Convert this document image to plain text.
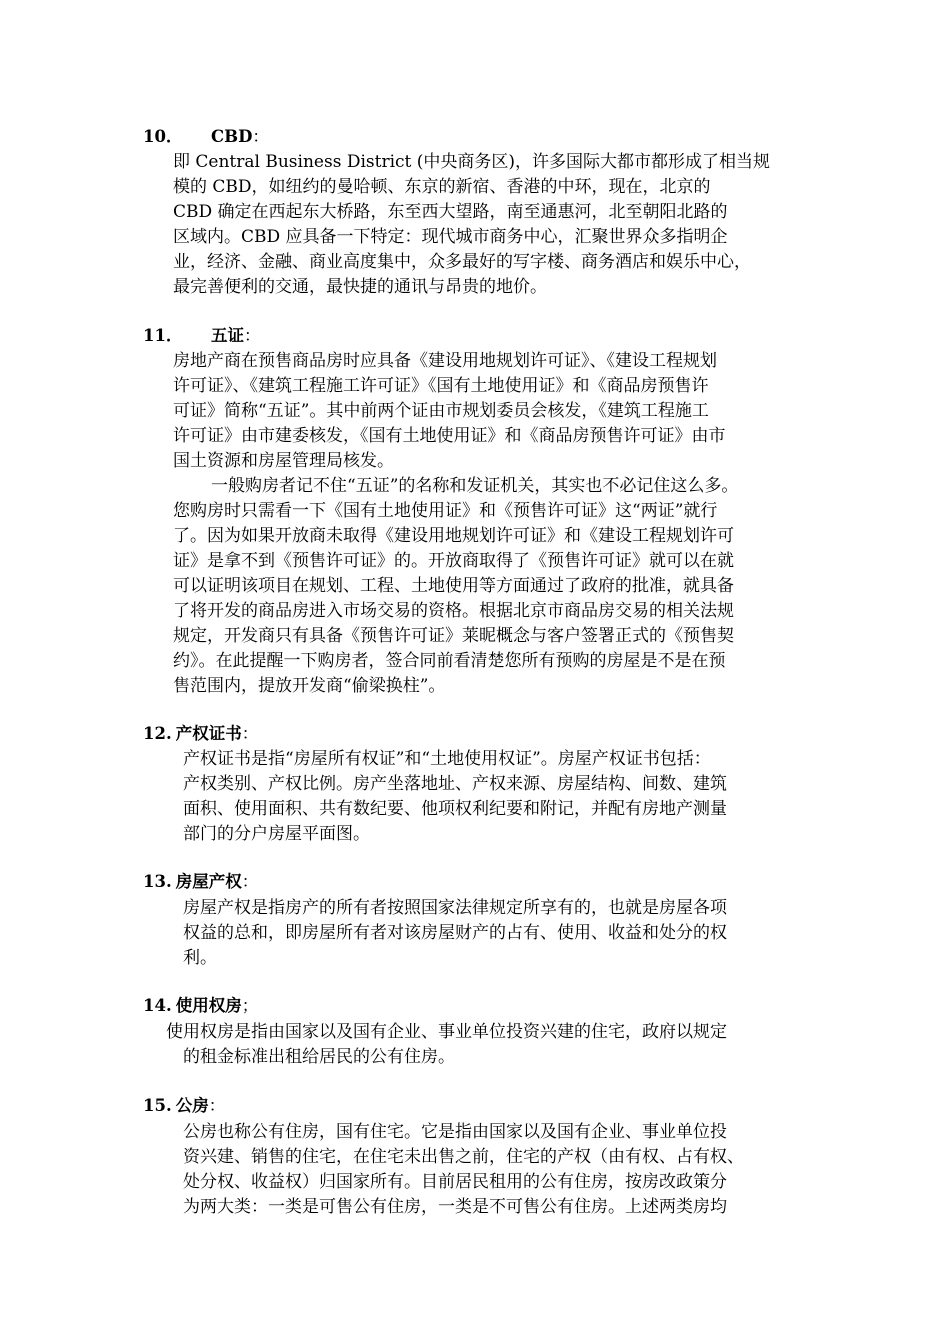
10． CBD：
即 Central Business District (中央商务区)，许多国际大都市都形成了相当规
模的 CBD，如纽约的曼哈顿、东京的新宿、香港的中环，现在，北京的
CBD 确定在西起东大桥路，东至西大望路，南至通惠河，北至朝阳北路的
区域内。CBD 应具备一下特定：现代城市商务中心，汇聚世界众多指明企
业，经济、金融、商业高度集中，众多最好的写字楼、商务酒店和娱乐中心，
最完善便利的交通，最快捷的通讯与昂贵的地价。
11． 五证：
房地产商在预售商品房时应具备《建设用地规划许可证》、《建设工程规划
许可证》、《建筑工程施工许可证》《国有土地使用证》和《商品房预售许
可证》简称“五证”。其中前两个证由市规划委员会核发，《建筑工程施工
许可证》由市建委核发，《国有土地使用证》和《商品房预售许可证》由市
国土资源和房屋管理局核发。
一般购房者记不住“五证”的名称和发证机关，其实也不必记住这么多。
您购房时只需看一下《国有土地使用证》和《预售许可证》这“两证”就行
了。因为如果开放商未取得《建设用地规划许可证》和《建设工程规划许可
证》是拿不到《预售许可证》的。开放商取得了《预售许可证》就可以在就
可以证明该项目在规划、工程、土地使用等方面通过了政府的批准，就具备
了将开发的商品房进入市场交易的资格。根据北京市商品房交易的相关法规
规定，开发商只有具备《预售许可证》莱昵概念与客户签署正式的《预售契
约》。在此提醒一下购房者，签合同前看清楚您所有预购的房屋是不是在预
售范围内，提放开发商“偷梁换柱”。
12. 产权证书：
产权证书是指“房屋所有权证”和“土地使用权证”。房屋产权证书包括：
产权类别、产权比例。房产坐落地址、产权来源、房屋结构、间数、建筑
面积、使用面积、共有数纪要、他项权利纪要和附记，并配有房地产测量
部门的分户房屋平面图。
13. 房屋产权：
房屋产权是指房产的所有者按照国家法律规定所享有的，也就是房屋各项
权益的总和，即房屋所有者对该房屋财产的占有、使用、收益和处分的权
利。
14. 使用权房；
使用权房是指由国家以及国有企业、事业单位投资兴建的住宅，政府以规定
的租金标准出租给居民的公有住房。
15. 公房：
公房也称公有住房，国有住宅。它是指由国家以及国有企业、事业单位投
资兴建、销售的住宅，在住宅未出售之前，住宅的产权（由有权、占有权、
处分权、收益权）归国家所有。目前居民租用的公有住房，按房改政策分
为两大类：一类是可售公有住房，一类是不可售公有住房。上述两类房均
